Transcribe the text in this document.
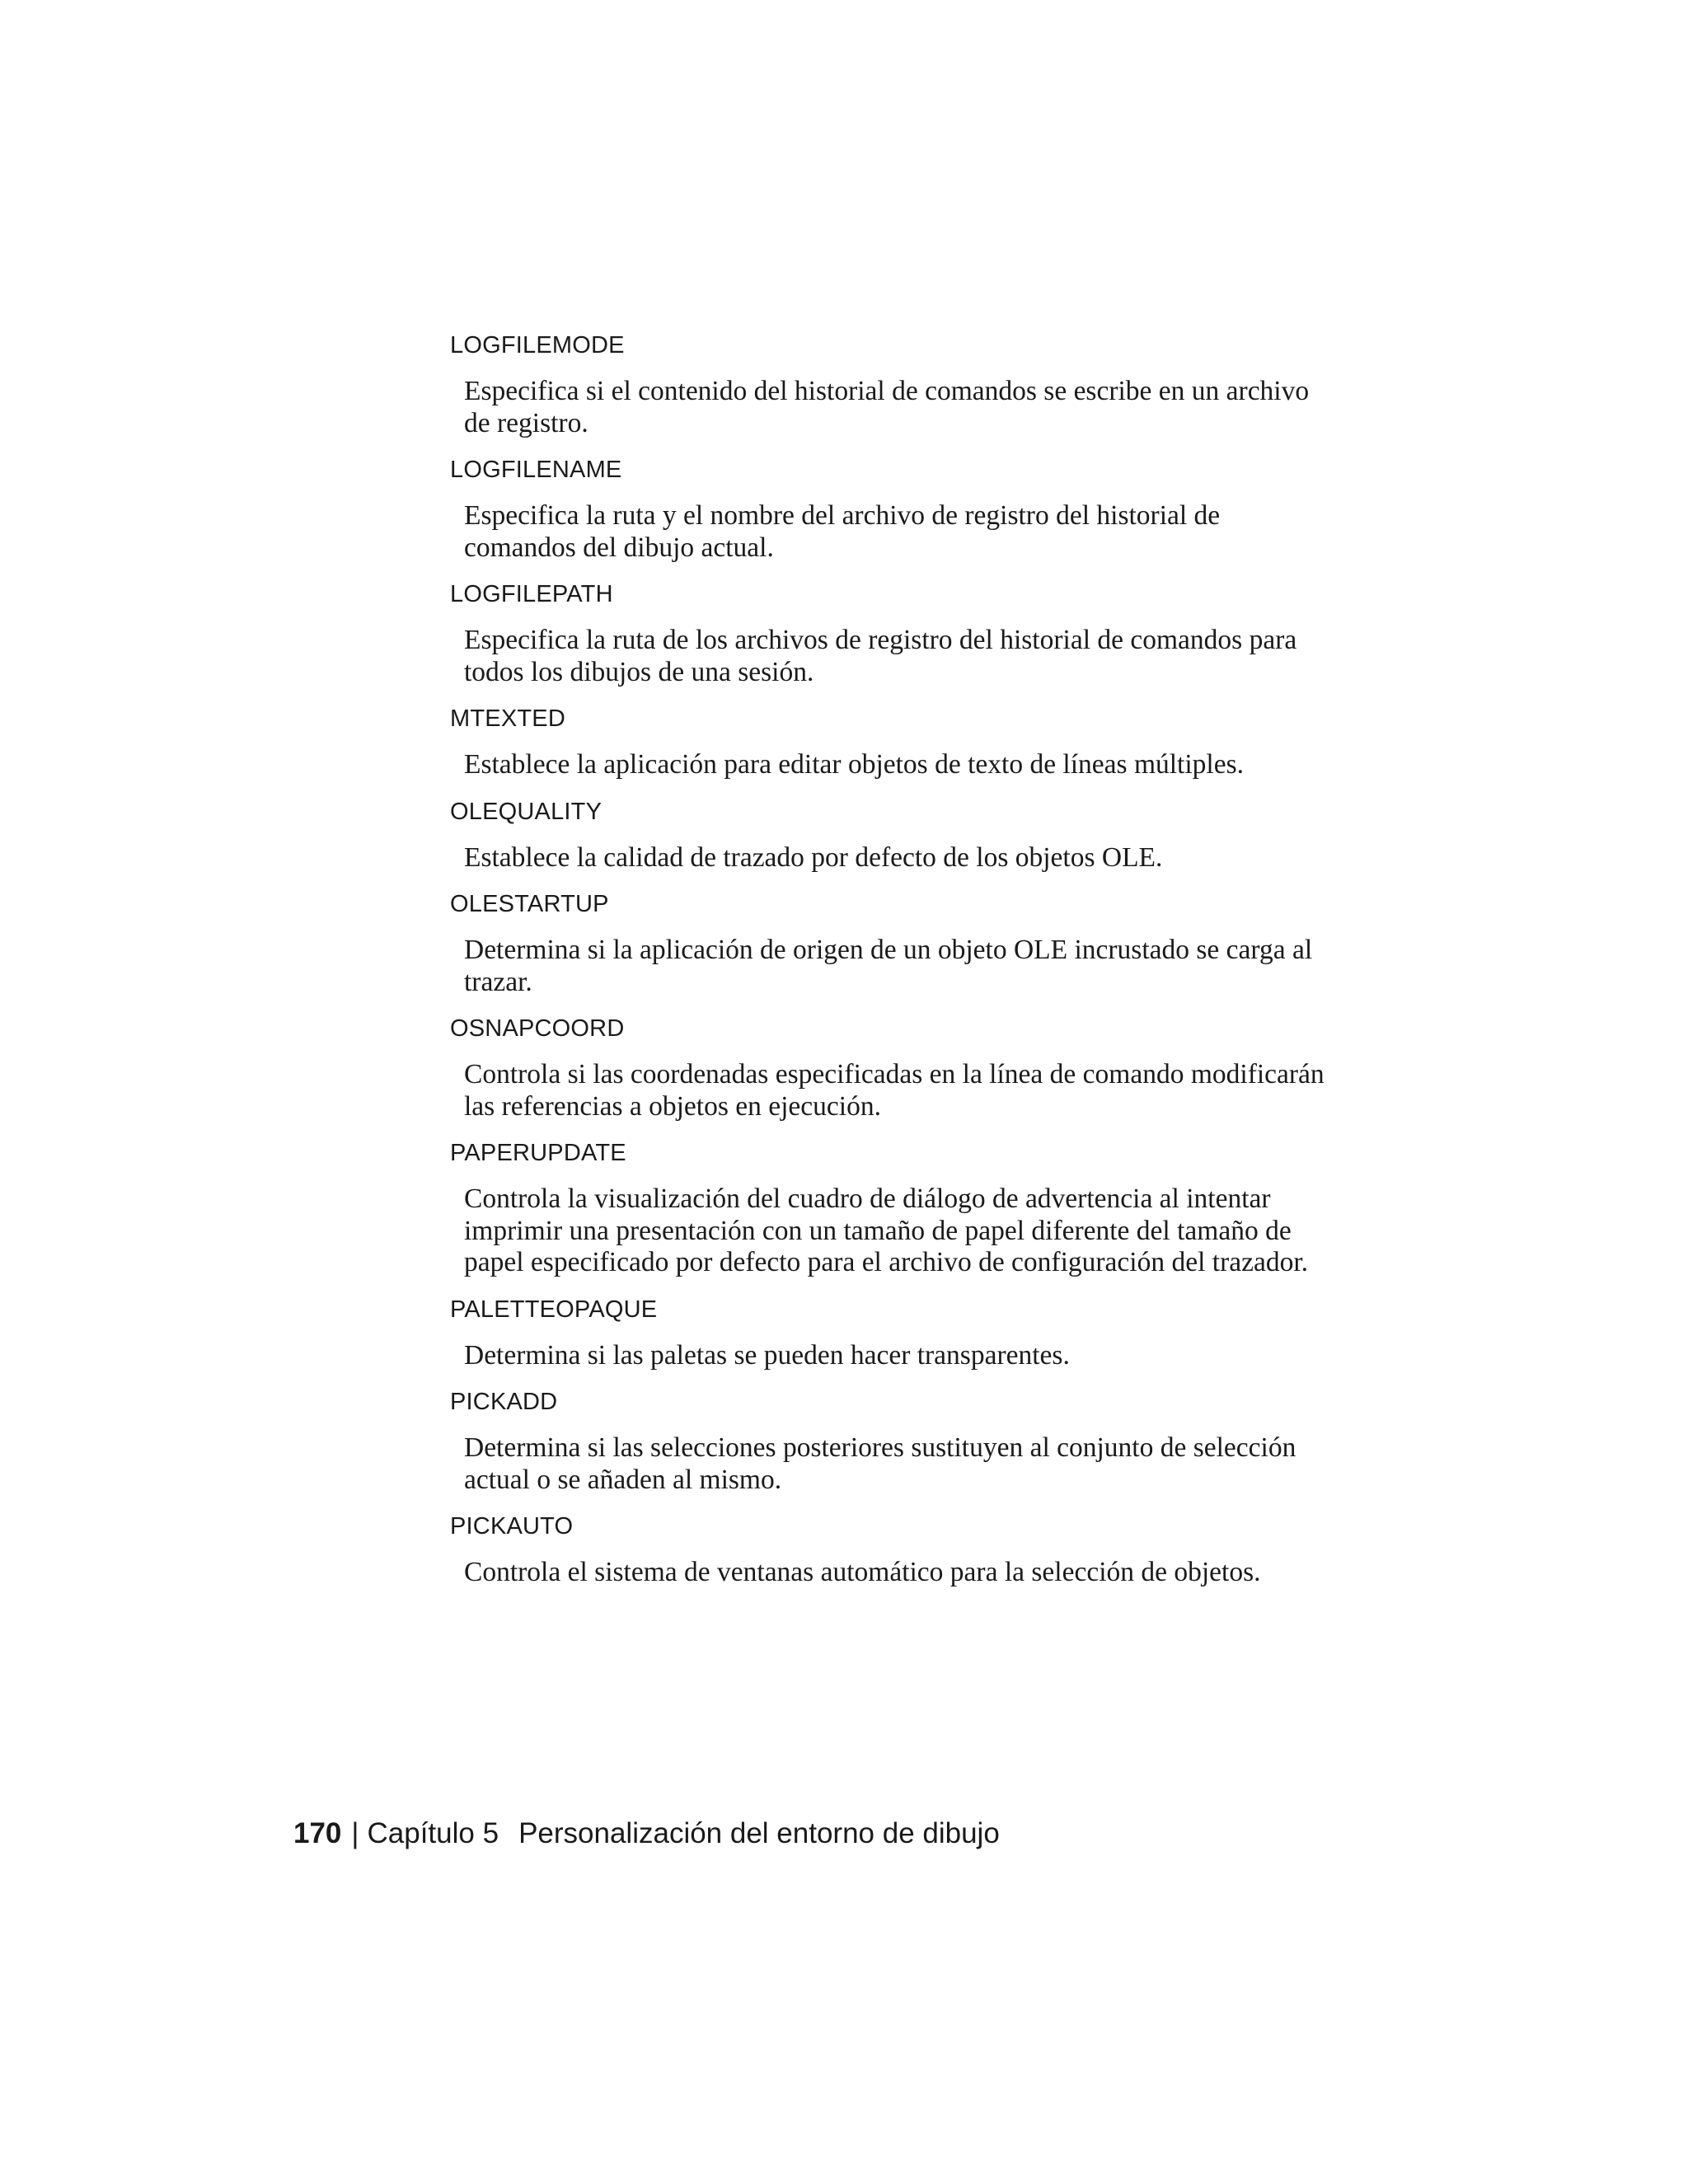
LOGFILEMODE

Especifica si el contenido del historial de comandos se escribe en un archivo de registro.

LOGFILENAME

Especifica la ruta y el nombre del archivo de registro del historial de comandos del dibujo actual.

LOGFILEPATH

Especifica la ruta de los archivos de registro del historial de comandos para todos los dibujos de una sesión.

MTEXTED

Establece la aplicación para editar objetos de texto de líneas múltiples.

OLEQUALITY

Establece la calidad de trazado por defecto de los objetos OLE.

OLESTARTUP

Determina si la aplicación de origen de un objeto OLE incrustado se carga al trazar.

OSNAPCOORD

Controla si las coordenadas especificadas en la línea de comando modificarán las referencias a objetos en ejecución.

PAPERUPDATE

Controla la visualización del cuadro de diálogo de advertencia al intentar imprimir una presentación con un tamaño de papel diferente del tamaño de papel especificado por defecto para el archivo de configuración del trazador.

PALETTEOPAQUE

Determina si las paletas se pueden hacer transparentes.

PICKADD

Determina si las selecciones posteriores sustituyen al conjunto de selección actual o se añaden al mismo.

PICKAUTO

Controla el sistema de ventanas automático para la selección de objetos.

170 | Capítulo 5 Personalización del entorno de dibujo
